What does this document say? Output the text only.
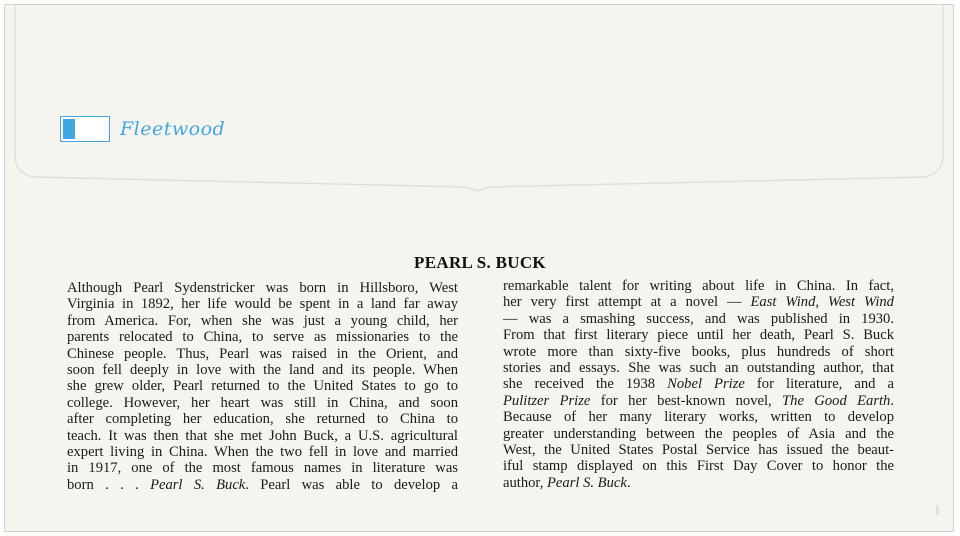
Fleetwood
PEARL S. BUCK
Although Pearl Sydenstricker was born in Hillsboro, West
Virginia in 1892, her life would be spent in a land far away
from America. For, when she was just a young child, her
parents relocated to China, to serve as missionaries to the
Chinese people. Thus, Pearl was raised in the Orient, and
soon fell deeply in love with the land and its people. When
she grew older, Pearl returned to the United States to go to
college. However, her heart was still in China, and soon
after completing her education, she returned to China to
teach. It was then that she met John Buck, a U.S. agricultural
expert living in China. When the two fell in love and married
in 1917, one of the most famous names in literature was
born . . . Pearl S. Buck. Pearl was able to develop a
remarkable talent for writing about life in China. In fact,
her very first attempt at a novel — East Wind, West Wind
— was a smashing success, and was published in 1930.
From that first literary piece until her death, Pearl S. Buck
wrote more than sixty-five books, plus hundreds of short
stories and essays. She was such an outstanding author, that
she received the 1938 Nobel Prize for literature, and a
Pulitzer Prize for her best-known novel, The Good Earth.
Because of her many literary works, written to develop
greater understanding between the peoples of Asia and the
West, the United States Postal Service has issued the beaut-
iful stamp displayed on this First Day Cover to honor the
author, Pearl S. Buck.
